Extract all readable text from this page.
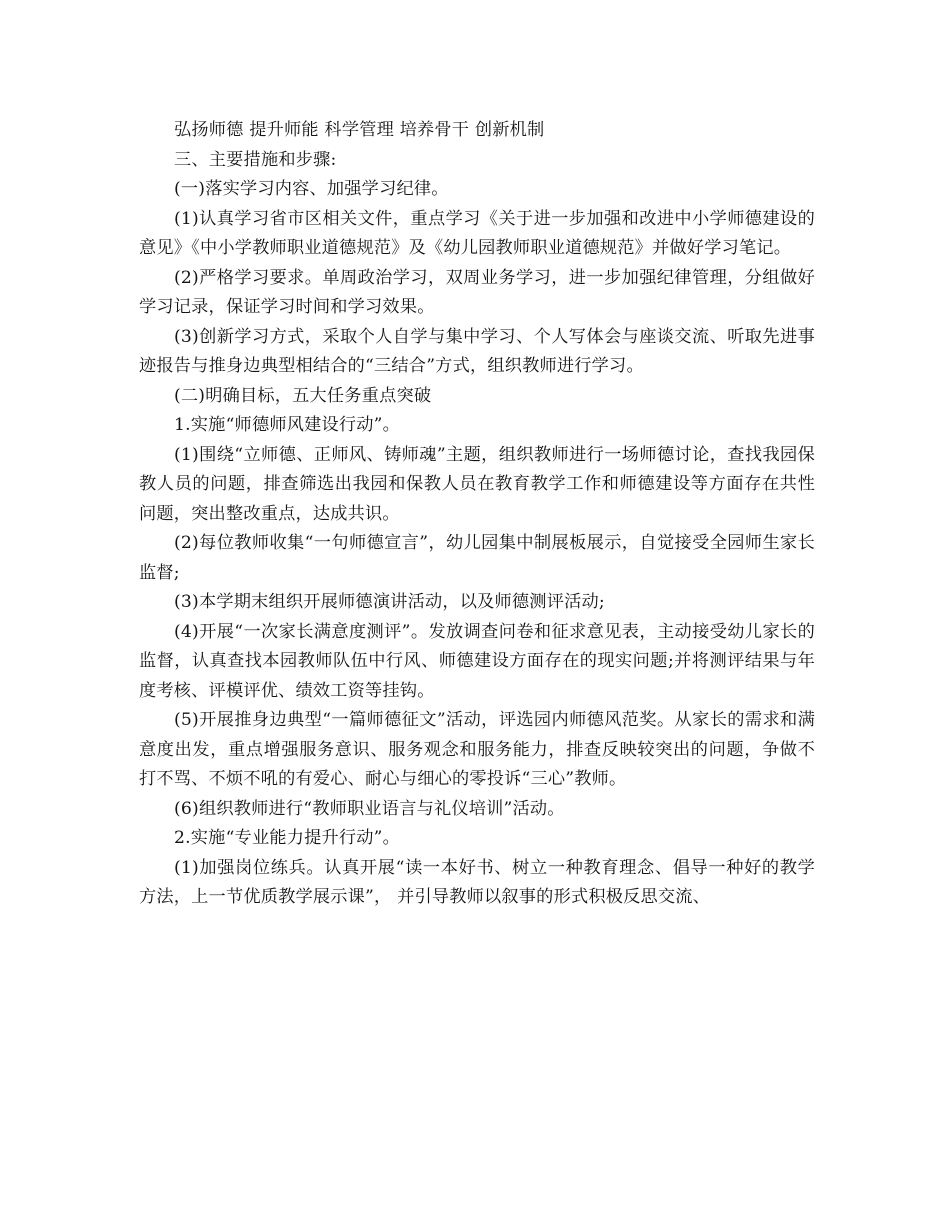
弘扬师德 提升师能 科学管理 培养骨干 创新机制

三、主要措施和步骤:

(一)落实学习内容、加强学习纪律。

(1)认真学习省市区相关文件，重点学习《关于进一步加强和改进中小学师德建设的意见》《中小学教师职业道德规范》及《幼儿园教师职业道德规范》并做好学习笔记。

(2)严格学习要求。单周政治学习，双周业务学习，进一步加强纪律管理，分组做好学习记录，保证学习时间和学习效果。

(3)创新学习方式，采取个人自学与集中学习、个人写体会与座谈交流、听取先进事迹报告与推身边典型相结合的“三结合”方式，组织教师进行学习。

(二)明确目标，五大任务重点突破

1.实施“师德师风建设行动”。

(1)围绕“立师德、正师风、铸师魂”主题，组织教师进行一场师德讨论，查找我园保教人员的问题，排查筛选出我园和保教人员在教育教学工作和师德建设等方面存在共性问题，突出整改重点，达成共识。

(2)每位教师收集“一句师德宣言”，幼儿园集中制展板展示，自觉接受全园师生家长监督;

(3)本学期末组织开展师德演讲活动，以及师德测评活动;

(4)开展“一次家长满意度测评”。发放调查问卷和征求意见表，主动接受幼儿家长的监督，认真查找本园教师队伍中行风、师德建设方面存在的现实问题;并将测评结果与年度考核、评模评优、绩效工资等挂钩。

(5)开展推身边典型“一篇师德征文”活动，评选园内师德风范奖。从家长的需求和满意度出发，重点增强服务意识、服务观念和服务能力，排查反映较突出的问题，争做不打不骂、不烦不吼的有爱心、耐心与细心的零投诉“三心”教师。

(6)组织教师进行“教师职业语言与礼仪培训”活动。

2.实施“专业能力提升行动”。

(1)加强岗位练兵。认真开展“读一本好书、树立一种教育理念、倡导一种好的教学方法，上一节优质教学展示课”， 并引导教师以叙事的形式积极反思交流、
